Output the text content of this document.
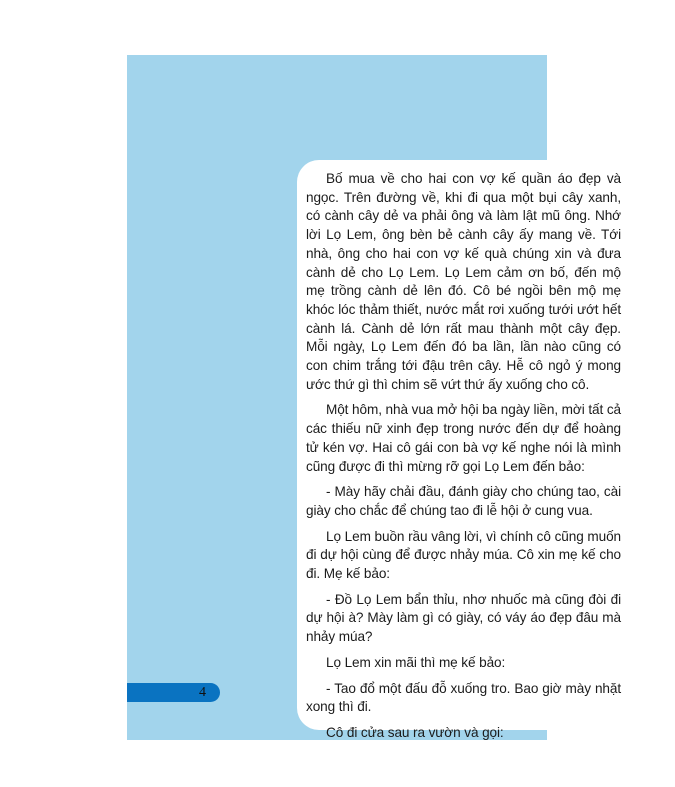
Bố mua về cho hai con vợ kế quần áo đẹp và ngọc. Trên đường về, khi đi qua một bụi cây xanh, có cành cây dẻ va phải ông và làm lật mũ ông. Nhớ lời Lọ Lem, ông bèn bẻ cành cây ấy mang về. Tới nhà, ông cho hai con vợ kế quà chúng xin và đưa cành dẻ cho Lọ Lem. Lọ Lem cảm ơn bố, đến mộ mẹ trồng cành dẻ lên đó. Cô bé ngồi bên mộ mẹ khóc lóc thảm thiết, nước mắt rơi xuống tưới ướt hết cành lá. Cành dẻ lớn rất mau thành một cây đẹp. Mỗi ngày, Lọ Lem đến đó ba lần, lần nào cũng có con chim trắng tới đậu trên cây. Hễ cô ngỏ ý mong ước thứ gì thì chim sẽ vứt thứ ấy xuống cho cô.

Một hôm, nhà vua mở hội ba ngày liền, mời tất cả các thiếu nữ xinh đẹp trong nước đến dự để hoàng tử kén vợ. Hai cô gái con bà vợ kế nghe nói là mình cũng được đi thì mừng rỡ gọi Lọ Lem đến bảo:

- Mày hãy chải đầu, đánh giày cho chúng tao, cài giày cho chắc để chúng tao đi lễ hội ở cung vua.

Lọ Lem buồn rầu vâng lời, vì chính cô cũng muốn đi dự hội cùng để được nhảy múa. Cô xin mẹ kế cho đi. Mẹ kế bảo:

- Đồ Lọ Lem bẩn thỉu, nhơ nhuốc mà cũng đòi đi dự hội à? Mày làm gì có giày, có váy áo đẹp đâu mà nhảy múa?

Lọ Lem xin mãi thì mẹ kế bảo:

- Tao đổ một đấu đỗ xuống tro. Bao giờ mày nhặt xong thì đi.

Cô đi cửa sau ra vườn và gọi:

4
